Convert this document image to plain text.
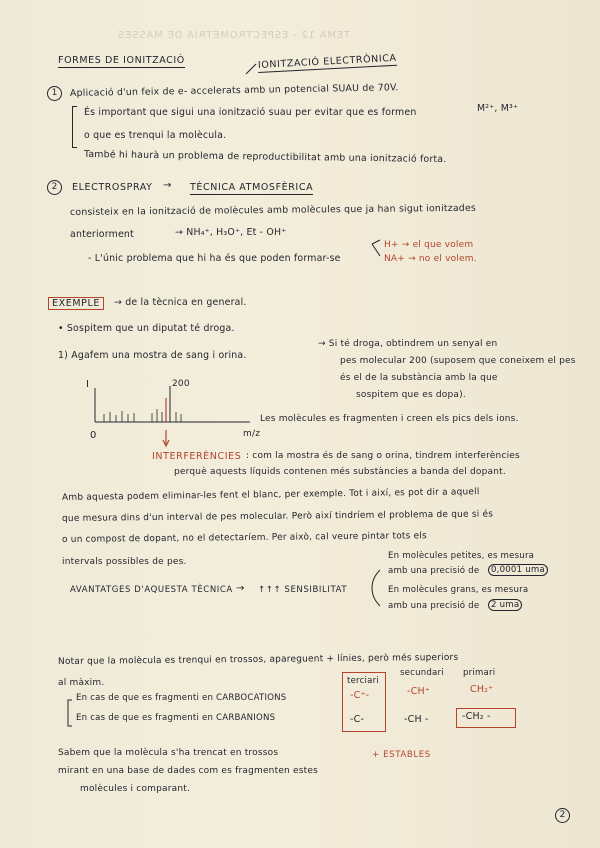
TEMA 12 - ESPECTROMETRIA DE MASSES
FORMES DE IONITZACIÓ	IONITZACIÓ ELECTRÒNICA
1	Aplicació d'un feix de e- accelerats amb un potencial SUAU de 70V.
És important que sigui una ionització suau per evitar que es formen	M²⁺, M³⁺
o que es trenqui la molècula.
També hi haurà un problema de reproductibilitat amb una ionització forta.
2	ELECTROSPRAY → TÈCNICA ATMOSFÈRICA
consisteix en la ionització de molècules amb molècules que ja han sigut ionitzades
anteriorment	→ NH₄⁺, H₃O⁺, Et - OH⁺
- L'únic problema que hi ha és que poden formar-se
H+ → el que volem
NA+ → no el volem.
EXEMPLE	→ de la tècnica en general.
• Sospitem que un diputat té droga.
1) Agafem una mostra de sang i orina.
→ Si té droga, obtindrem un senyal en
pes molecular 200 (suposem que coneixem el pes
és el de la substància amb la que
sospitem que es dopa).
I	200
0	m/z
Les molècules es fragmenten i creen els pics dels ions.
INTERFERÈNCIES : com la mostra és de sang o orina, tindrem interferències
perquè aquests líquids contenen més substàncies a banda del dopant.
Amb aquesta podem eliminar-les fent el blanc, per exemple. Tot i així, es pot dir a aquell
que mesura dins d'un interval de pes molecular. Però així tindríem el problema de que si és
o un compost de dopant, no el detectaríem. Per això, cal veure pintar tots els
intervals possibles de pes.
AVANTATGES D'AQUESTA TÈCNICA → ↑↑↑ SENSIBILITAT
En molècules petites, es mesura
amb una precisió de	0,0001 uma
En molècules grans, es mesura
amb una precisió de	2 uma
Notar que la molècula es trenqui en trossos, apareguent + línies, però més superiors
al màxim.
En cas de que es fragmenti en CARBOCATIONS
En cas de que es fragmenti en CARBANIONS
terciari
secundari primari
-C⁺-	-CH⁺	CH₂⁺
-C-	-CH -	-CH₂ -
+ ESTABLES
Sabem que la molècula s'ha trencat en trossos
mirant en una base de dades com es fragmenten estes
molècules i comparant.
2
